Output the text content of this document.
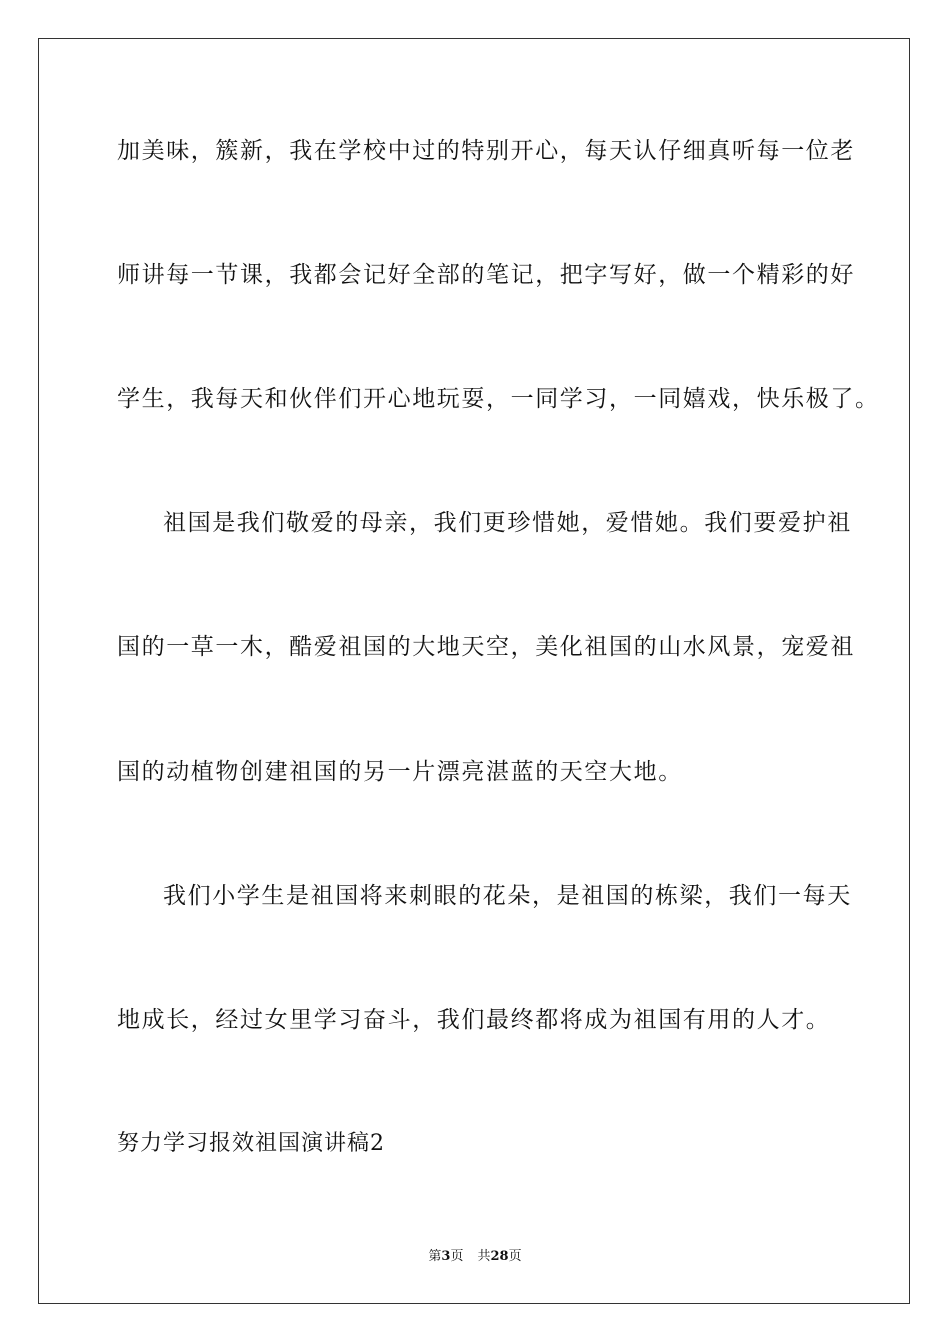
加美味，簇新，我在学校中过的特别开心，每天认仔细真听每一位老
师讲每一节课，我都会记好全部的笔记，把字写好，做一个精彩的好
学生，我每天和伙伴们开心地玩耍，一同学习，一同嬉戏，快乐极了。
祖国是我们敬爱的母亲，我们更珍惜她，爱惜她。我们要爱护祖
国的一草一木，酷爱祖国的大地天空，美化祖国的山水风景，宠爱祖
国的动植物创建祖国的另一片漂亮湛蓝的天空大地。
我们小学生是祖国将来刺眼的花朵，是祖国的栋梁，我们一每天
地成长，经过女里学习奋斗，我们最终都将成为祖国有用的人才。
努力学习报效祖国演讲稿2
第3页 共28页
